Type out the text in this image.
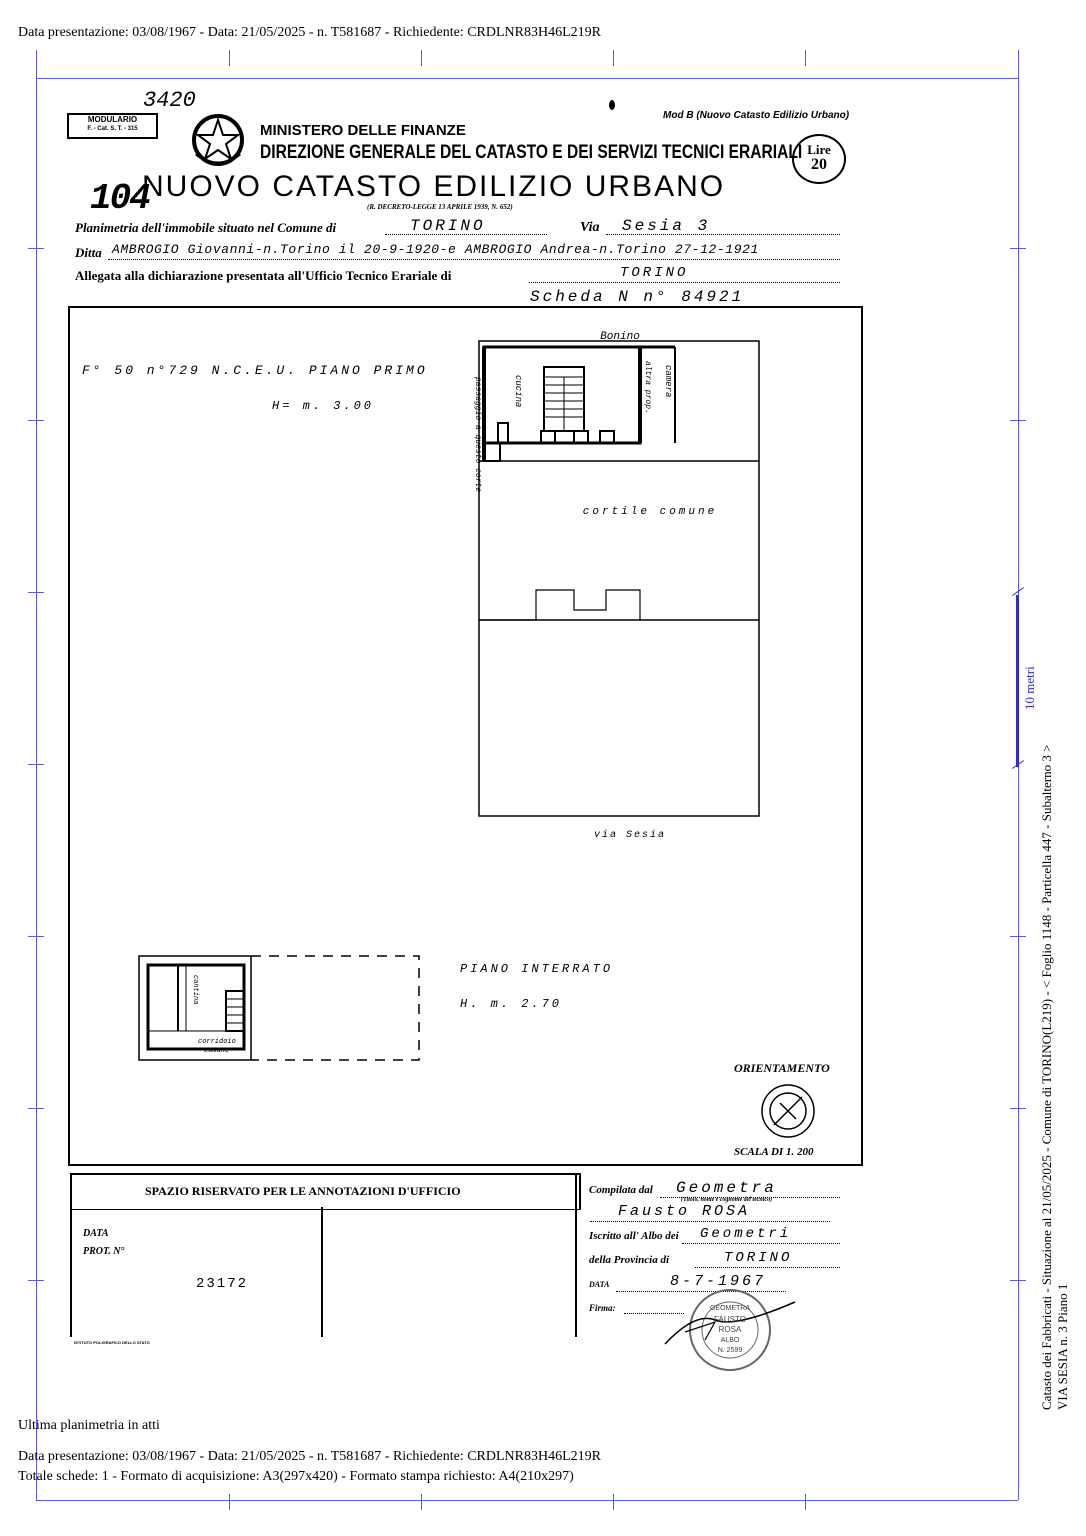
Data presentazione: 03/08/1967 - Data: 21/05/2025 - n. T581687 - Richiedente: CRDLNR83H46L219R
10 metri
Catasto dei Fabbricati - Situazione al 21/05/2025 - Comune di TORINO(L219) - < Foglio 1148 - Particella 447 - Subalterno 3 > VIA SESIA n. 3 Piano 1
MODULARIO
F. - Cat. S. T. - 315
3420
Mod B (Nuovo Catasto Edilizio Urbano)
MINISTERO DELLE FINANZE
DIREZIONE GENERALE DEL CATASTO E DEI SERVIZI TECNICI ERARIALI Lire
20
104
NUOVO CATASTO EDILIZIO URBANO
(R. DECRETO-LEGGE 13 APRILE 1939, N. 652)
Planimetria dell'immobile situato nel Comune di	TORINO	Via Sesia 3
Ditta AMBROGIO Giovanni-n.Torino il 20-9-1920-e AMBROGIO Andrea-n.Torino 27-12-1921
Allegata alla dichiarazione presentata all'Ufficio Tecnico Erariale di	TORINO
Scheda N n° 84921
F° 50 n°729 N.C.E.U. PIANO PRIMO
H= m. 3.00
Bonino
passaggio a questo corte	cucina	altra prop. camera
cortile comune
via Sesia
PIANO INTERRATO
H. m. 2.70
cantina
corridoio
comune
ORIENTAMENTO
SCALA DI 1. 200
SPAZIO RISERVATO PER LE ANNOTAZIONI D'UFFICIO
DATA
PROT. N°
23172
ISTITUTO POLIGRAFICO DELLO STATO
Compilata dal Geometra
(Titolo, nome e cognome del tecnico)
Fausto ROSA
Iscritto all' Albo dei Geometri
della Provincia di	TORINO
DATA	8-7-1967
Firma:	GEOMETRA
FAUSTO
ROSA
ALBO
N. 2599
Ultima planimetria in atti
Data presentazione: 03/08/1967 - Data: 21/05/2025 - n. T581687 - Richiedente: CRDLNR83H46L219R
Totale schede: 1 - Formato di acquisizione: A3(297x420) - Formato stampa richiesto: A4(210x297)
